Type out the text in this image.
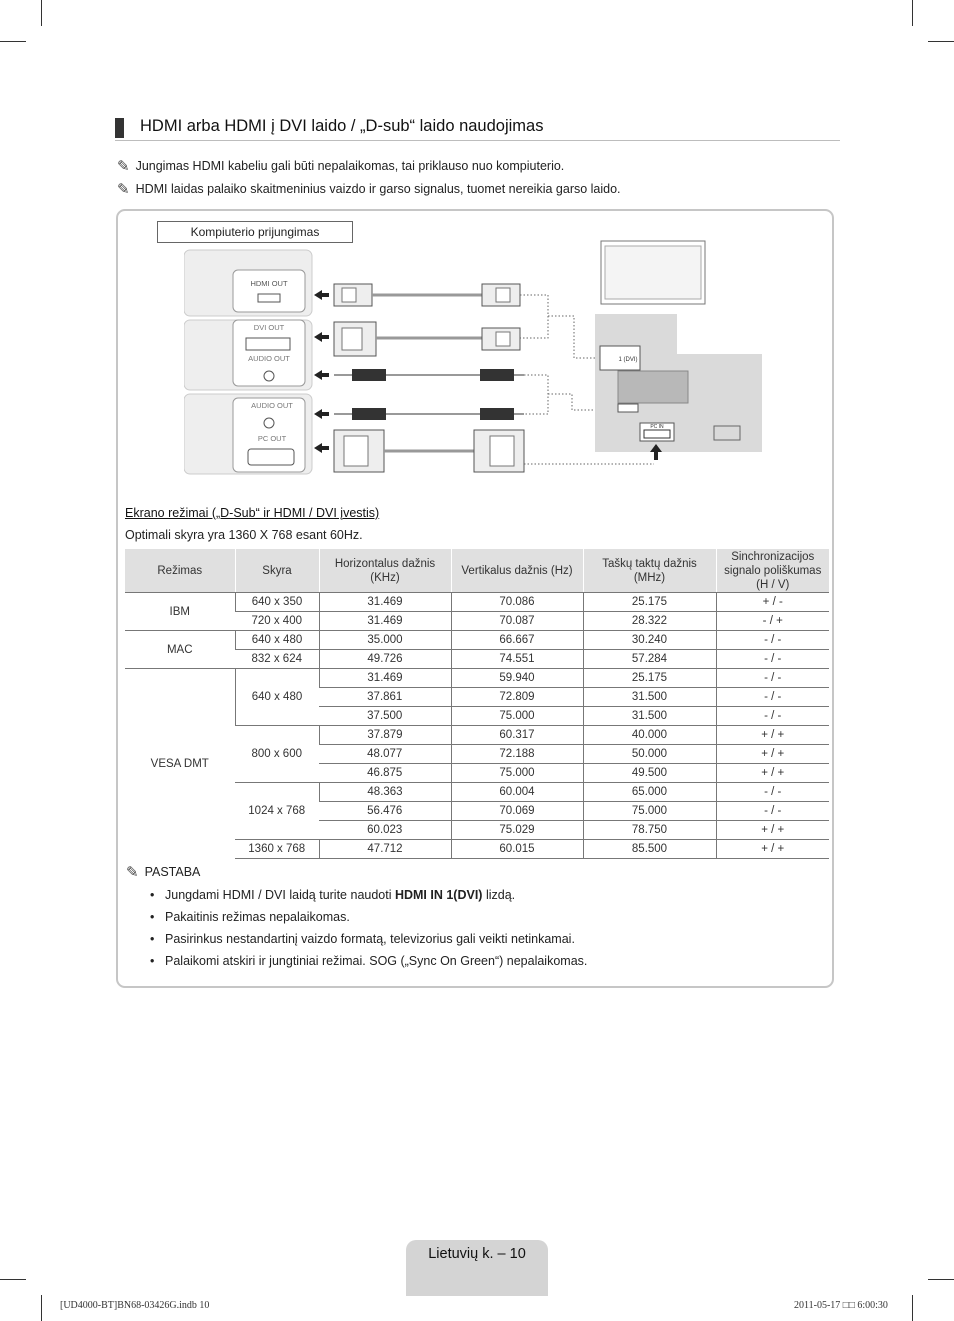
HDMI arba HDMI į DVI laido / „D-sub“ laido naudojimas
✎ Jungimas HDMI kabeliu gali būti nepalaikomas, tai priklauso nuo kompiuterio.
✎ HDMI laidas palaiko skaitmeninius vaizdo ir garso signalus, tuomet nereikia garso laido.
Kompiuterio prijungimas
HDMI OUT
DVI OUT
AUDIO OUT
AUDIO OUT
PC OUT
1 (DVI)
PC IN
Ekrano režimai („D-Sub“ ir HDMI / DVI įvestis)
Optimali skyra yra 1360 X 768 esant 60Hz.
Režimas	Skyra	Horizontalus dažnis (KHz)	Vertikalus dažnis (Hz)	Taškų taktų dažnis (MHz)	Sinchronizacijos signalo poliškumas (H / V)
IBM	640 x 350	31.469	70.086	25.175	+ / -
	720 x 400	31.469	70.087	28.322	- / +
MAC	640 x 480	35.000	66.667	30.240	- / -
	832 x 624	49.726	74.551	57.284	- / -
VESA DMT	640 x 480	31.469	59.940	25.175	- / -
		37.861	72.809	31.500	- / -
		37.500	75.000	31.500	- / -
	800 x 600	37.879	60.317	40.000	+ / +
		48.077	72.188	50.000	+ / +
		46.875	75.000	49.500	+ / +
	1024 x 768	48.363	60.004	65.000	- / -
		56.476	70.069	75.000	- / -
		60.023	75.029	78.750	+ / +
	1360 x 768	47.712	60.015	85.500	+ / +
✎ PASTABA
• Jungdami HDMI / DVI laidą turite naudoti HDMI IN 1(DVI) lizdą.
• Pakaitinis režimas nepalaikomas.
• Pasirinkus nestandartinį vaizdo formatą, televizorius gali veikti netinkamai.
• Palaikomi atskiri ir jungtiniai režimai. SOG („Sync On Green“) nepalaikomas.
Lietuvių k. – 10
[UD4000-BT]BN68-03426G.indb 10	2011-05-17 □□ 6:00:30
